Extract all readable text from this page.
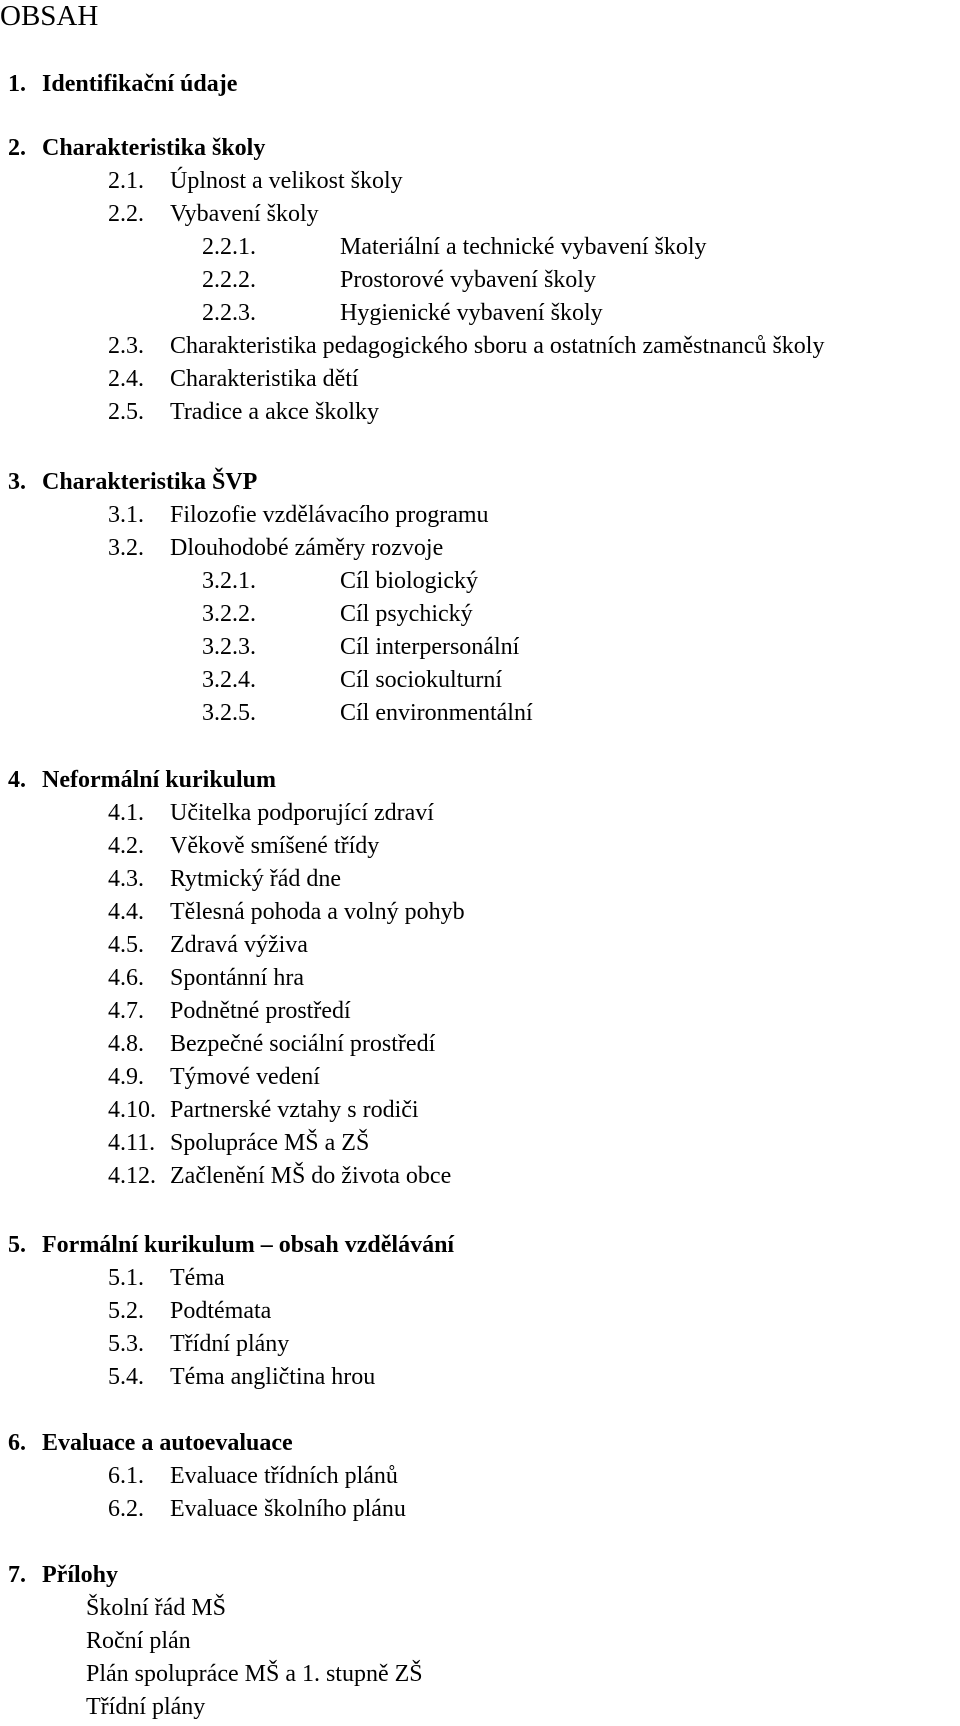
OBSAH
1. Identifikační údaje
2. Charakteristika školy
2.1. Úplnost a velikost školy
2.2. Vybavení školy
2.2.1.	Materiální a technické vybavení školy
2.2.2.	Prostorové vybavení školy
2.2.3.	Hygienické vybavení školy
2.3. Charakteristika pedagogického sboru a ostatních zaměstnanců školy
2.4. Charakteristika dětí
2.5. Tradice a akce školky
3. Charakteristika ŠVP
3.1. Filozofie vzdělávacího programu
3.2. Dlouhodobé záměry rozvoje
3.2.1.	Cíl biologický
3.2.2.	Cíl psychický
3.2.3.	Cíl interpersonální
3.2.4.	Cíl sociokulturní
3.2.5.	Cíl environmentální
4. Neformální kurikulum
4.1. Učitelka podporující zdraví
4.2. Věkově smíšené třídy
4.3. Rytmický řád dne
4.4. Tělesná pohoda a volný pohyb
4.5. Zdravá výživa
4.6. Spontánní hra
4.7. Podnětné prostředí
4.8. Bezpečné sociální prostředí
4.9. Týmové vedení
4.10. Partnerské vztahy s rodiči
4.11. Spolupráce MŠ a ZŠ
4.12. Začlenění MŠ do života obce
5. Formální kurikulum – obsah vzdělávání
5.1. Téma
5.2. Podtémata
5.3. Třídní plány
5.4. Téma angličtina hrou
6. Evaluace a autoevaluace
6.1. Evaluace třídních plánů
6.2. Evaluace školního plánu
7. Přílohy
Školní řád MŠ
Roční plán
Plán spolupráce MŠ a 1. stupně ZŠ
Třídní plány
